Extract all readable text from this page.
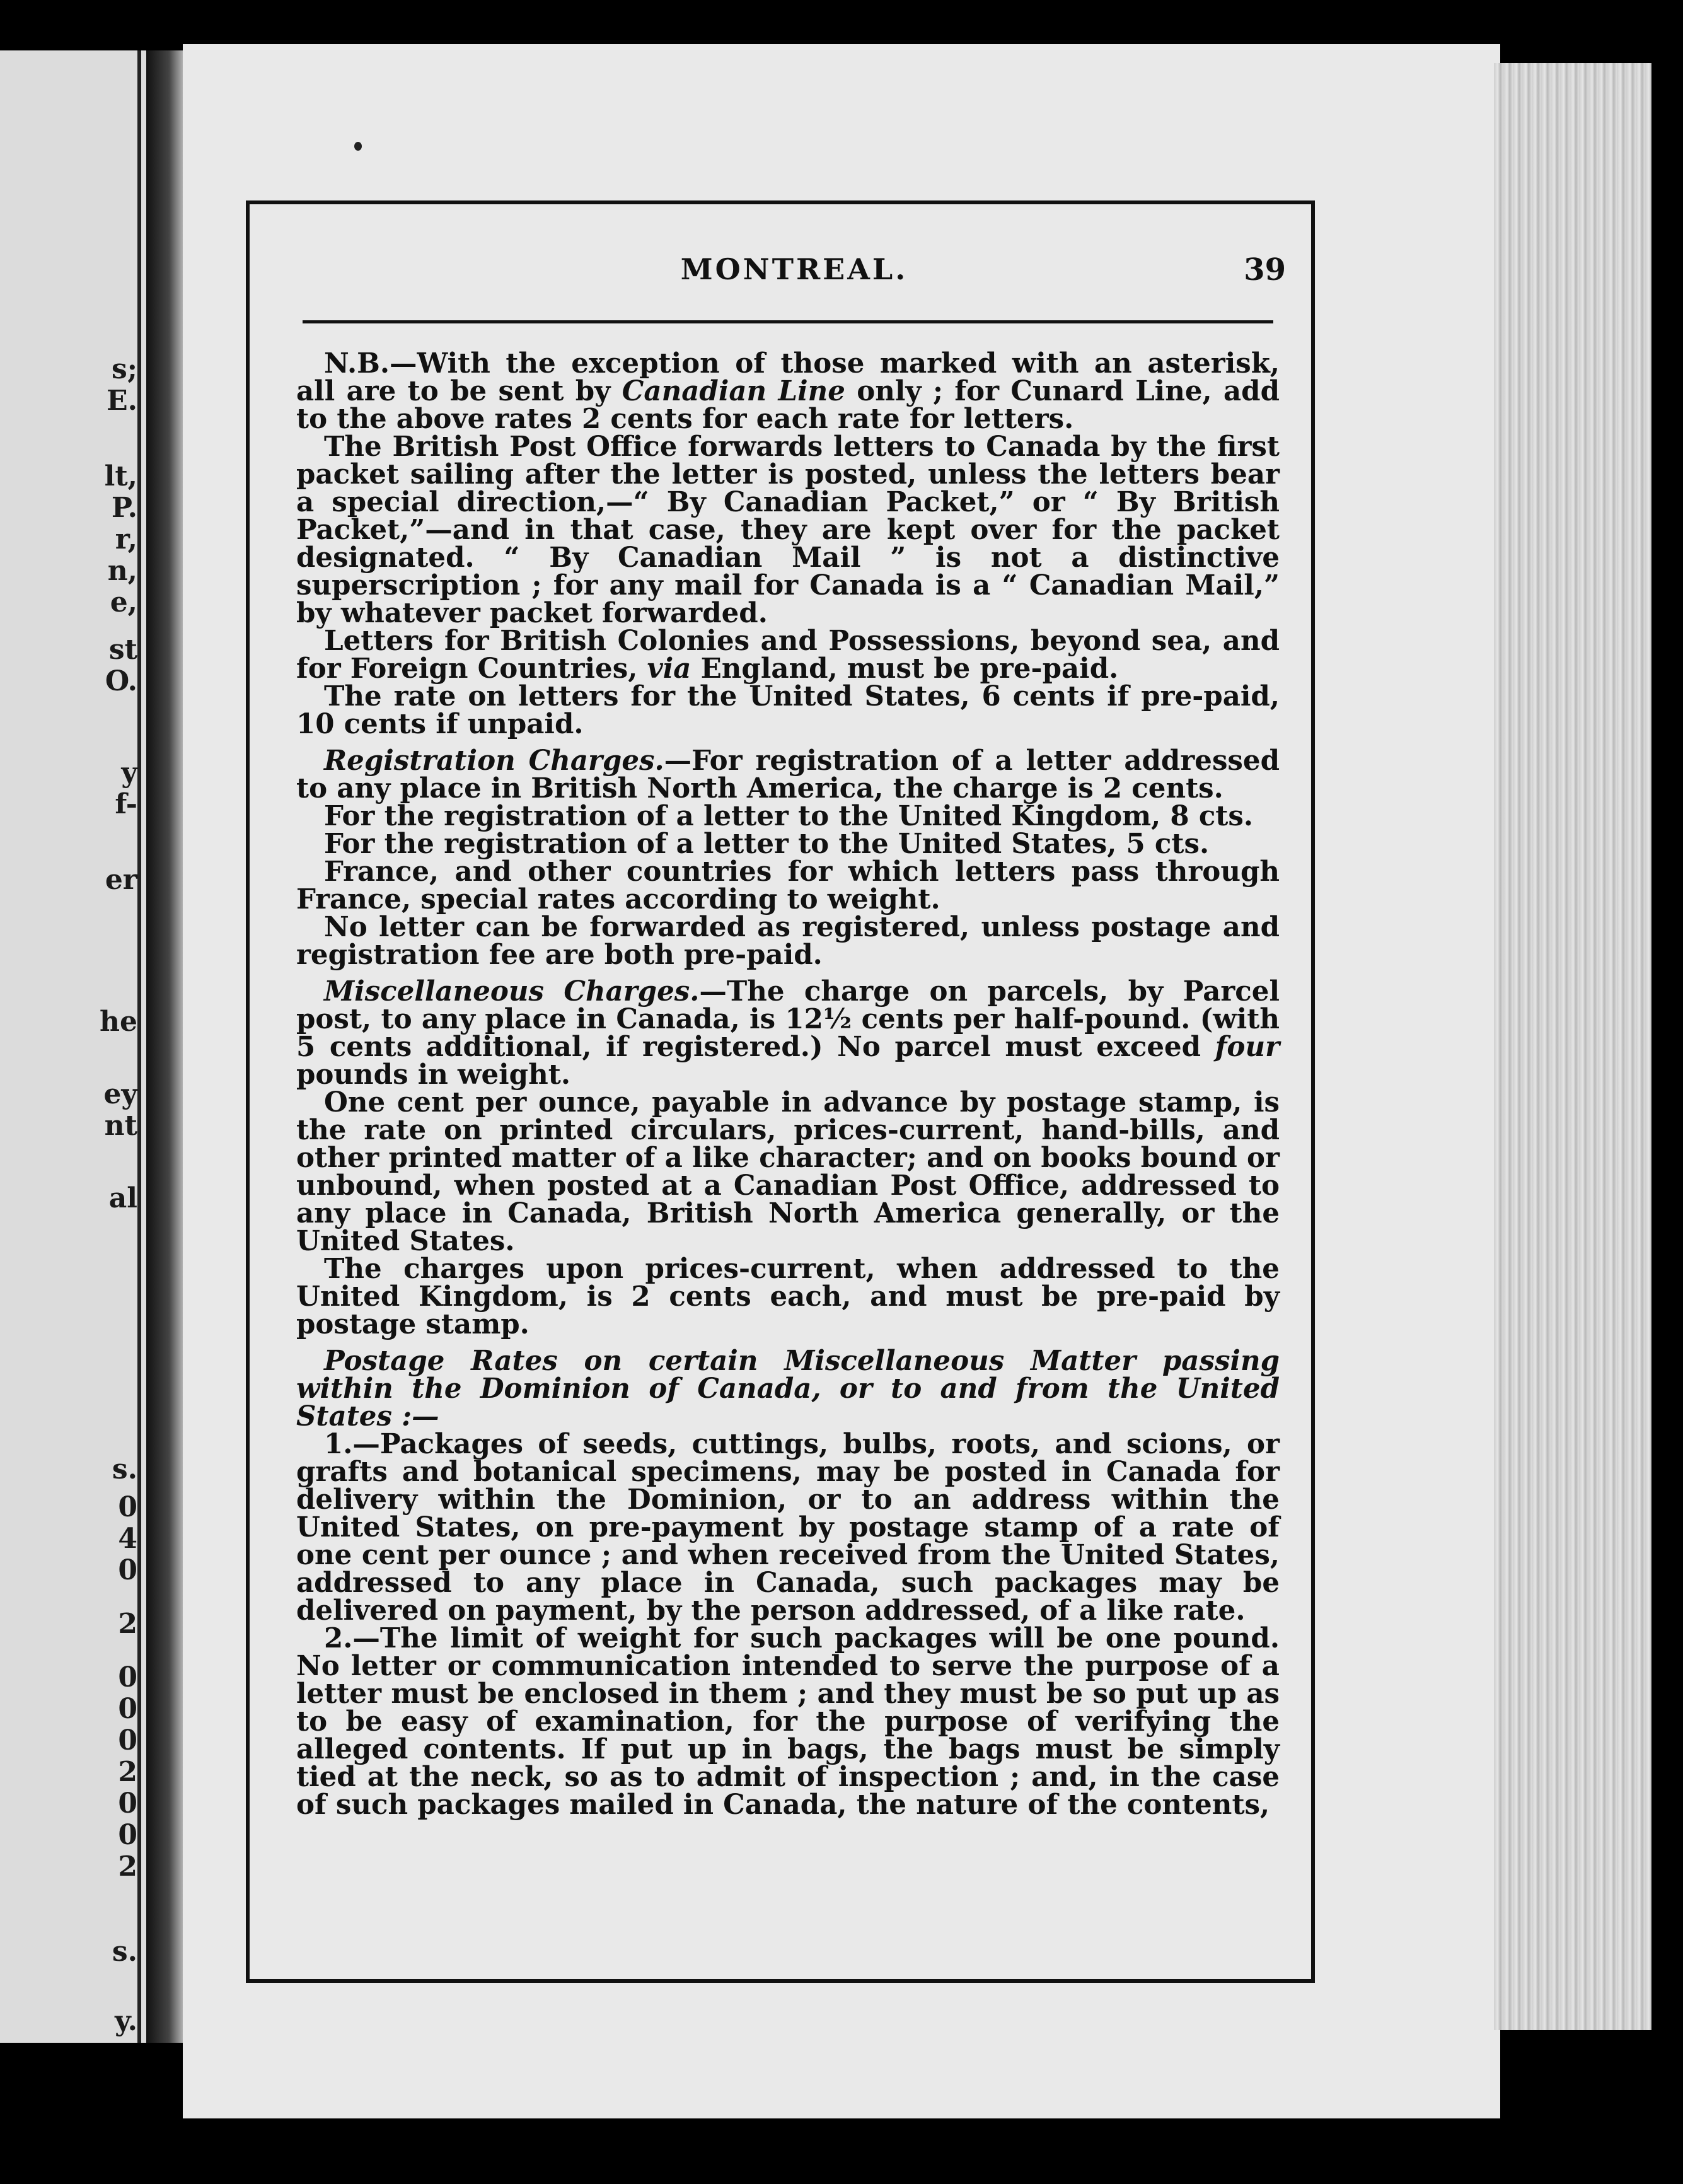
s;
E.
lt,
P.
r,
n,
e,
st
O.
y
f-
er
he
ey
nt
al
s.
0
4
0
2
0
0
0
2
0
0
2
s.
y.
MONTREAL.	39

N.B.—With the exception of those marked with an asterisk, all are to be sent by Canadian Line only ; for Cunard Line, add to the above rates 2 cents for each rate for letters.

The British Post Office forwards letters to Canada by the first packet sailing after the letter is posted, unless the letters bear a special direction,—“ By Canadian Packet,” or “ By British Packet,”—and in that case, they are kept over for the packet designated. “ By Canadian Mail ” is not a distinctive superscription ; for any mail for Canada is a “ Canadian Mail,” by whatever packet forwarded.

Letters for British Colonies and Possessions, beyond sea, and for Foreign Countries, via England, must be pre-paid.

The rate on letters for the United States, 6 cents if pre-paid, 10 cents if unpaid.

Registration Charges.—For registration of a letter addressed to any place in British North America, the charge is 2 cents.

For the registration of a letter to the United Kingdom, 8 cts.

For the registration of a letter to the United States, 5 cts.

France, and other countries for which letters pass through France, special rates according to weight.

No letter can be forwarded as registered, unless postage and registration fee are both pre-paid.

Miscellaneous Charges.—The charge on parcels, by Parcel post, to any place in Canada, is 12½ cents per half-pound. (with 5 cents additional, if registered.) No parcel must exceed four pounds in weight.

One cent per ounce, payable in advance by postage stamp, is the rate on printed circulars, prices-current, hand-bills, and other printed matter of a like character; and on books bound or unbound, when posted at a Canadian Post Office, addressed to any place in Canada, British North America generally, or the United States.

The charges upon prices-current, when addressed to the United Kingdom, is 2 cents each, and must be pre-paid by postage stamp.

Postage Rates on certain Miscellaneous Matter passing within the Dominion of Canada, or to and from the United States :—

1.—Packages of seeds, cuttings, bulbs, roots, and scions, or grafts and botanical specimens, may be posted in Canada for delivery within the Dominion, or to an address within the United States, on pre-payment by postage stamp of a rate of one cent per ounce ; and when received from the United States, addressed to any place in Canada, such packages may be delivered on payment, by the person addressed, of a like rate.

2.—The limit of weight for such packages will be one pound. No letter or communication intended to serve the purpose of a letter must be enclosed in them ; and they must be so put up as to be easy of examination, for the purpose of verifying the alleged contents. If put up in bags, the bags must be simply tied at the neck, so as to admit of inspection ; and, in the case of such packages mailed in Canada, the nature of the contents,
